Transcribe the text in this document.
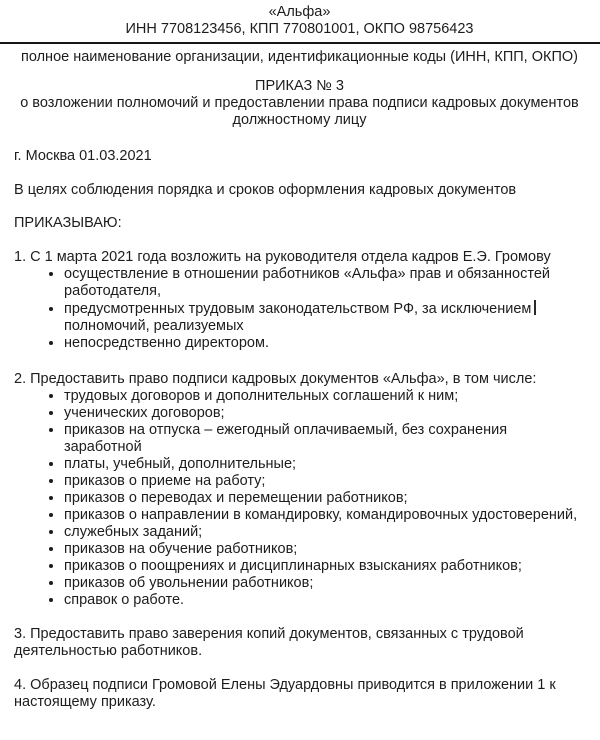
«Альфа»

ИНН 7708123456, КПП 770801001, ОКПО 98756423

полное наименование организации, идентификационные коды (ИНН, КПП, ОКПО)

ПРИКАЗ № 3

о возложении полномочий и предоставлении права подписи кадровых документов должностному лицу

г. Москва 01.03.2021

В целях соблюдения порядка и сроков оформления кадровых документов

ПРИКАЗЫВАЮ:

1. С 1 марта 2021 года возложить на руководителя отдела кадров Е.Э. Громову

• осуществление в отношении работников «Альфа» прав и обязанностей работодателя,
• предусмотренных трудовым законодательством РФ, за исключением
полномочий, реализуемых
• непосредственно директором.

2. Предоставить право подписи кадровых документов «Альфа», в том числе:

• трудовых договоров и дополнительных соглашений к ним;
• ученических договоров;
• приказов на отпуска – ежегодный оплачиваемый, без сохранения заработной
• платы, учебный, дополнительные;
• приказов о приеме на работу;
• приказов о переводах и перемещении работников;
• приказов о направлении в командировку, командировочных удостоверений,
• служебных заданий;
• приказов на обучение работников;
• приказов о поощрениях и дисциплинарных взысканиях работников;
• приказов об увольнении работников;
• справок о работе.

3. Предоставить право заверения копий документов, связанных с трудовой деятельностью работников.

4. Образец подписи Громовой Елены Эдуардовны приводится в приложении 1 к настоящему приказу.
